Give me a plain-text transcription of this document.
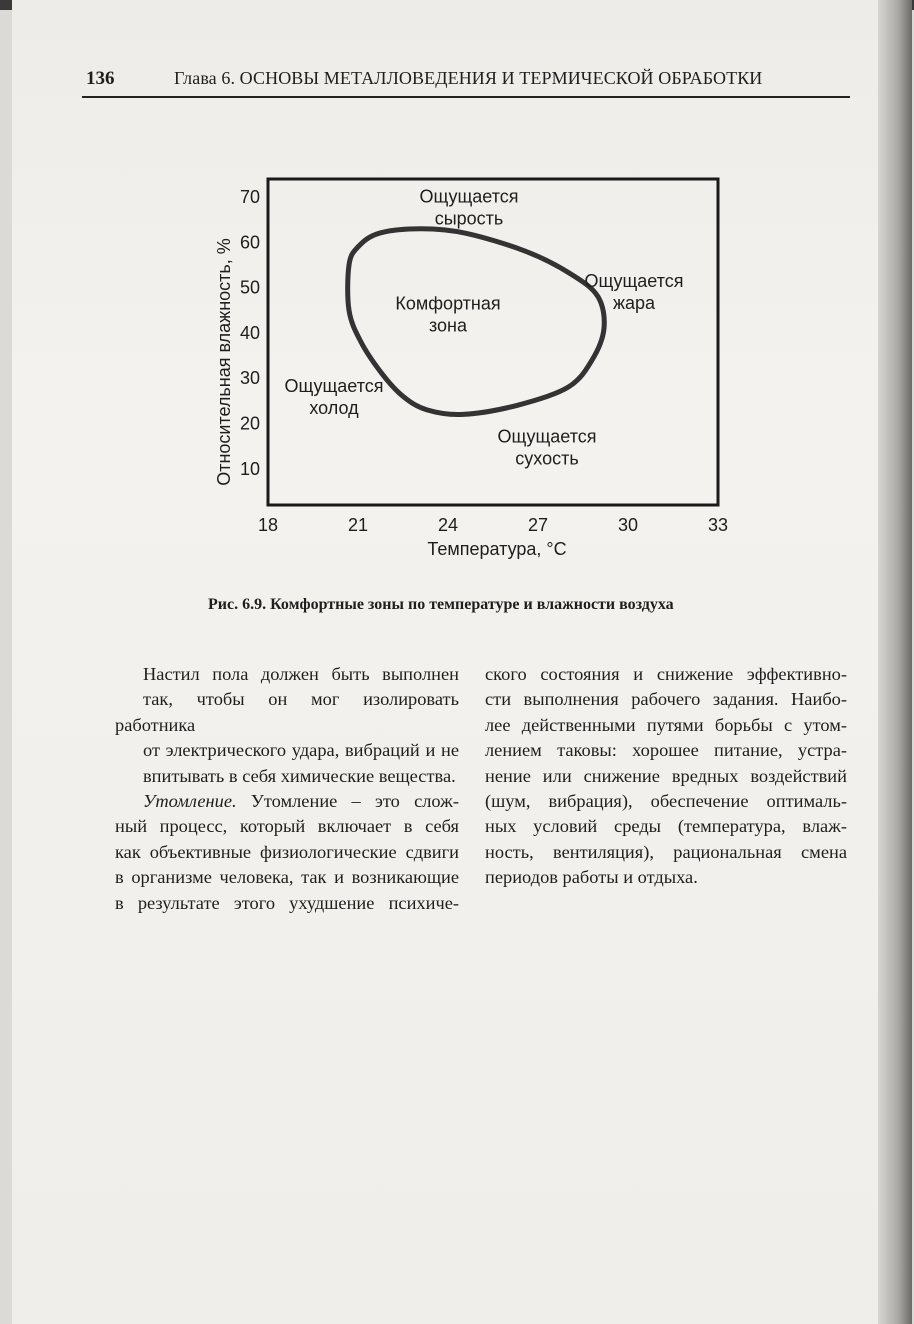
136	Глава 6. ОСНОВЫ МЕТАЛЛОВЕДЕНИЯ И ТЕРМИЧЕСКОЙ ОБРАБОТКИ
18	21	24	27	30	33
10
20
30
40
50
60
70	Ощущается сырость
Ощущается жара
Комфортная зона
Ощущается холод
Ощущается сухость
Температура, °С
Относительная влажность, %
Рис. 6.9. Комфортные зоны по температуре и влажности воздуха

Настил пола должен быть выполнен
так, чтобы он мог изолировать работника
от электрического удара, вибраций и не
впитывать в себя химические вещества.

Утомление. Утомление – это слож-
ный процесс, который включает в себя
как объективные физиологические сдвиги
в организме человека, так и возникающие
в результате этого ухудшение психиче-

ского состояния и снижение эффективно-
сти выполнения рабочего задания. Наибо-
лее действенными путями борьбы с утом-
лением таковы: хорошее питание, устра-
нение или снижение вредных воздействий
(шум, вибрация), обеспечение оптималь-
ных условий среды (температура, влаж-
ность, вентиляция), рациональная смена
периодов работы и отдыха.
